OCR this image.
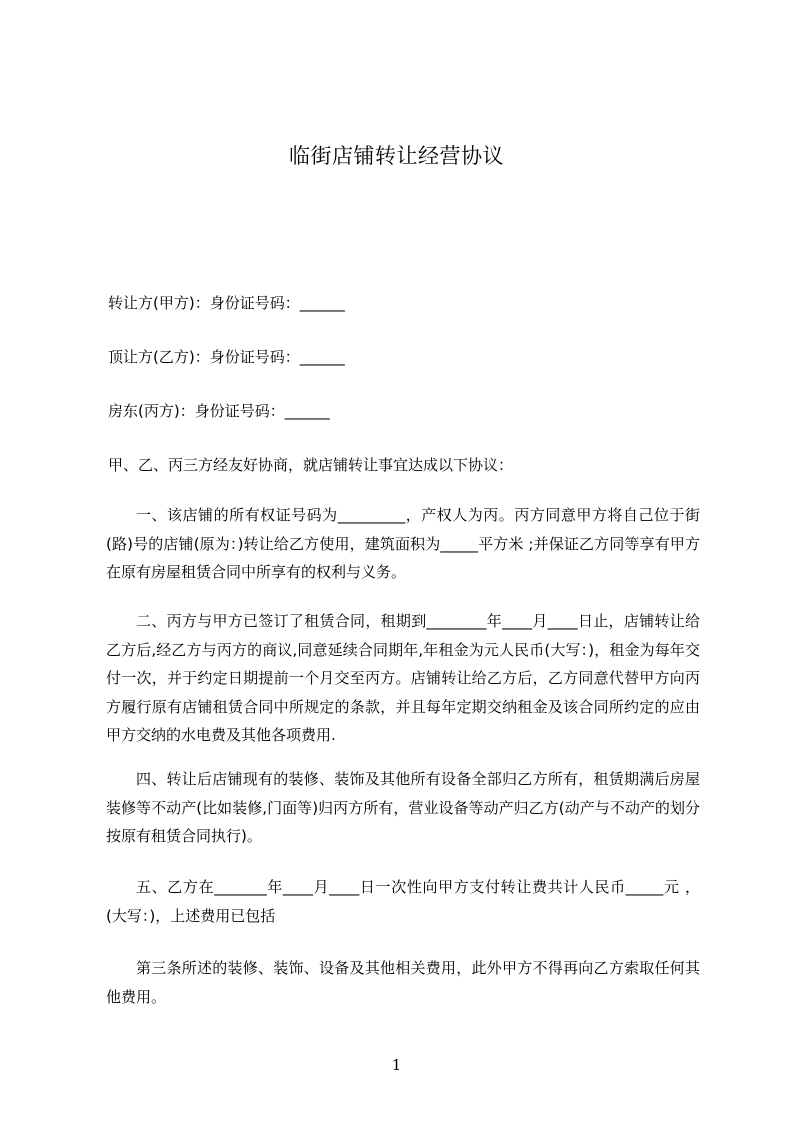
临街店铺转让经营协议
转让方(甲方)：身份证号码：______
顶让方(乙方)：身份证号码：______
房东(丙方)：身份证号码：______
甲、乙、丙三方经友好协商，就店铺转让事宜达成以下协议：
一、该店铺的所有权证号码为_________，产权人为丙。丙方同意甲方将自己位于街(路)号的店铺(原为：)转让给乙方使用，建筑面积为_____平方米 ;并保证乙方同等享有甲方在原有房屋租赁合同中所享有的权利与义务。
二、丙方与甲方已签订了租赁合同，租期到________年____月____日止，店铺转让给乙方后,经乙方与丙方的商议,同意延续合同期年,年租金为元人民币(大写：)，租金为每年交付一次，并于约定日期提前一个月交至丙方。店铺转让给乙方后，乙方同意代替甲方向丙方履行原有店铺租赁合同中所规定的条款，并且每年定期交纳租金及该合同所约定的应由甲方交纳的水电费及其他各项费用.
四、转让后店铺现有的装修、装饰及其他所有设备全部归乙方所有，租赁期满后房屋装修等不动产(比如装修,门面等)归丙方所有，营业设备等动产归乙方(动产与不动产的划分按原有租赁合同执行)。
五、乙方在_______年____月____日一次性向甲方支付转让费共计人民币_____元 ，(大写：)，上述费用已包括
第三条所述的装修、装饰、设备及其他相关费用，此外甲方不得再向乙方索取任何其他费用。
1
